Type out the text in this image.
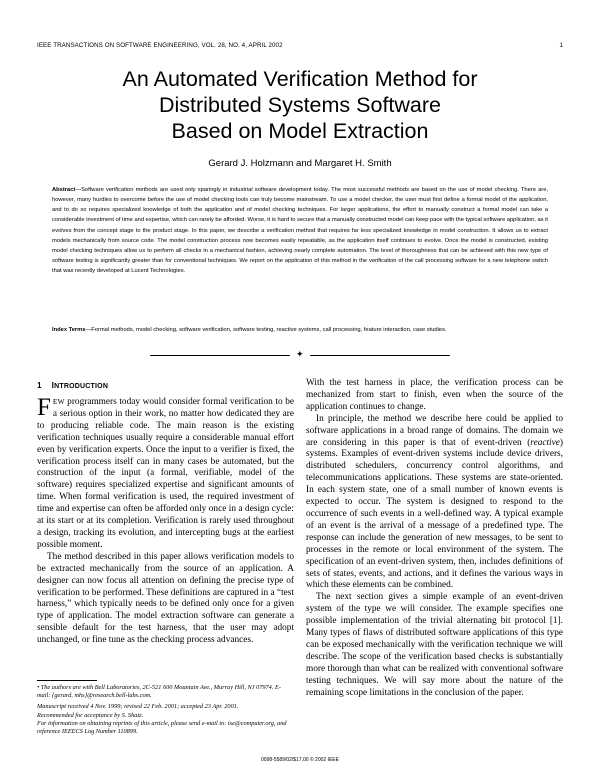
IEEE TRANSACTIONS ON SOFTWARE ENGINEERING, VOL. 28, NO. 4, APRIL 2002	1
An Automated Verification Method for
Distributed Systems Software
Based on Model Extraction
Gerard J. Holzmann and Margaret H. Smith
Abstract—Software verification methods are used only sparingly in industrial software development today. The most successful methods are based on the use of model checking. There are, however, many hurdles to overcome before the use of model checking tools can truly become mainstream. To use a model checker, the user must first define a formal model of the application, and to do so requires specialized knowledge of both the application and of model checking techniques. For larger applications, the effort to manually construct a formal model can take a considerable investment of time and expertise, which can rarely be afforded. Worse, it is hard to secure that a manually constructed model can keep pace with the typical software application, as it evolves from the concept stage to the product stage. In this paper, we describe a verification method that requires far less specialized knowledge in model construction. It allows us to extract models mechanically from source code. The model construction process now becomes easily repeatable, as the application itself continues to evolve. Once the model is constructed, existing model checking techniques allow us to perform all checks in a mechanical fashion, achieving nearly complete automation. The level of thoroughness that can be achieved with this new type of software testing is significantly greater than for conventional techniques. We report on the application of this method in the verification of the call processing software for a new telephone switch that was recently developed at Lucent Technologies.
Index Terms—Formal methods, model checking, software verification, software testing, reactive systems, call processing, feature interaction, case studies.
✦
1 INTRODUCTION

FEW programmers today would consider formal verification to be a serious option in their work, no matter how dedicated they are to producing reliable code. The main reason is the existing verification techniques usually require a considerable manual effort even by verification experts. Once the input to a verifier is fixed, the verification process itself can in many cases be automated, but the construction of the input (a formal, verifiable, model of the software) requires specialized expertise and significant amounts of time. When formal verification is used, the required investment of time and expertise can often be afforded only once in a design cycle: at its start or at its completion. Verification is rarely used throughout a design, tracking its evolution, and intercepting bugs at the earliest possible moment.

The method described in this paper allows verification models to be extracted mechanically from the source of an application. A designer can now focus all attention on defining the precise type of verification to be performed. These definitions are captured in a “test harness,” which typically needs to be defined only once for a given type of application. The model extraction software can generate a sensible default for the test harness, that the user may adopt unchanged, or fine tune as the checking process advances.

• The authors are with Bell Laboratories, 2C-521 600 Mountain Ave., Murray Hill, NJ 07974. E-mail: {gerard, mhs}@research.bell-labs.com.

Manuscript received 4 Nov. 1999; revised 22 Feb. 2001; accepted 23 Apr. 2001.

Recommended for acceptance by S. Shatz.

For information on obtaining reprints of this article, please send e-mail to: tse@computer.org, and reference IEEECS Log Number 110899.

With the test harness in place, the verification process can be mechanized from start to finish, even when the source of the application continues to change.

In principle, the method we describe here could be applied to software applications in a broad range of domains. The domain we are considering in this paper is that of event-driven (reactive) systems. Examples of event-driven systems include device drivers, distributed schedulers, concurrency control algorithms, and telecommunications applications. These systems are state-oriented. In each system state, one of a small number of known events is expected to occur. The system is designed to respond to the occurrence of such events in a well-defined way. A typical example of an event is the arrival of a message of a predefined type. The response can include the generation of new messages, to be sent to processes in the remote or local environment of the system. The specification of an event-driven system, then, includes definitions of sets of states, events, and actions, and it defines the various ways in which these elements can be combined.

The next section gives a simple example of an event-driven system of the type we will consider. The example specifies one possible implementation of the trivial alternating bit protocol [1]. Many types of flaws of distributed software applications of this type can be exposed mechanically with the verification technique we will describe. The scope of the verification based checks is substantially more thorough than what can be realized with conventional software testing techniques. We will say more about the nature of the remaining scope limitations in the conclusion of the paper.

0098-5589/02/$17.00 © 2002 IEEE
